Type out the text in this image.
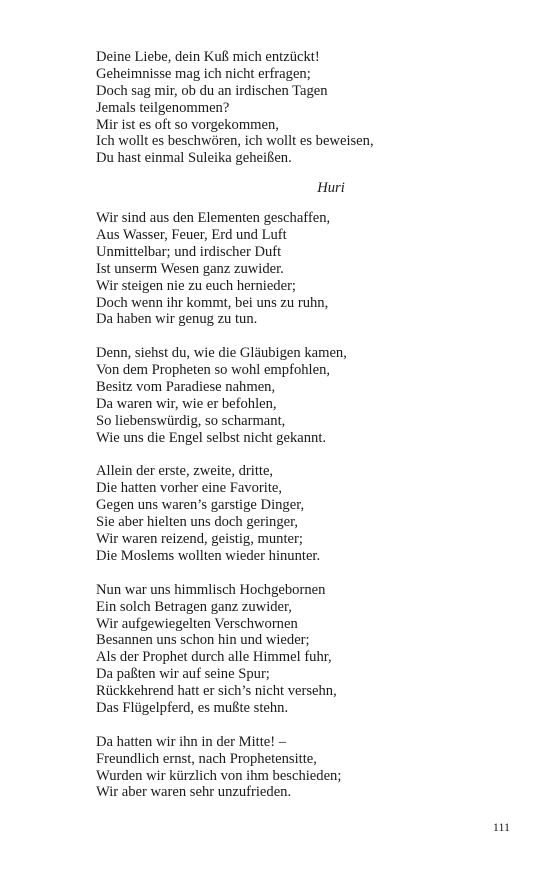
Deine Liebe, dein Kuß mich entzückt!
Geheimnisse mag ich nicht erfragen;
Doch sag mir, ob du an irdischen Tagen
Jemals teilgenommen?
Mir ist es oft so vorgekommen,
Ich wollt es beschwören, ich wollt es beweisen,
Du hast einmal Suleika geheißen.
Huri
Wir sind aus den Elementen geschaffen,
Aus Wasser, Feuer, Erd und Luft
Unmittelbar; und irdischer Duft
Ist unserm Wesen ganz zuwider.
Wir steigen nie zu euch hernieder;
Doch wenn ihr kommt, bei uns zu ruhn,
Da haben wir genug zu tun.
Denn, siehst du, wie die Gläubigen kamen,
Von dem Propheten so wohl empfohlen,
Besitz vom Paradiese nahmen,
Da waren wir, wie er befohlen,
So liebenswürdig, so scharmant,
Wie uns die Engel selbst nicht gekannt.
Allein der erste, zweite, dritte,
Die hatten vorher eine Favorite,
Gegen uns waren’s garstige Dinger,
Sie aber hielten uns doch geringer,
Wir waren reizend, geistig, munter;
Die Moslems wollten wieder hinunter.
Nun war uns himmlisch Hochgebornen
Ein solch Betragen ganz zuwider,
Wir aufgewiegelten Verschwornen
Besannen uns schon hin und wieder;
Als der Prophet durch alle Himmel fuhr,
Da paßten wir auf seine Spur;
Rückkehrend hatt er sich’s nicht versehn,
Das Flügelpferd, es mußte stehn.
Da hatten wir ihn in der Mitte! –
Freundlich ernst, nach Prophetensitte,
Wurden wir kürzlich von ihm beschieden;
Wir aber waren sehr unzufrieden.
111
